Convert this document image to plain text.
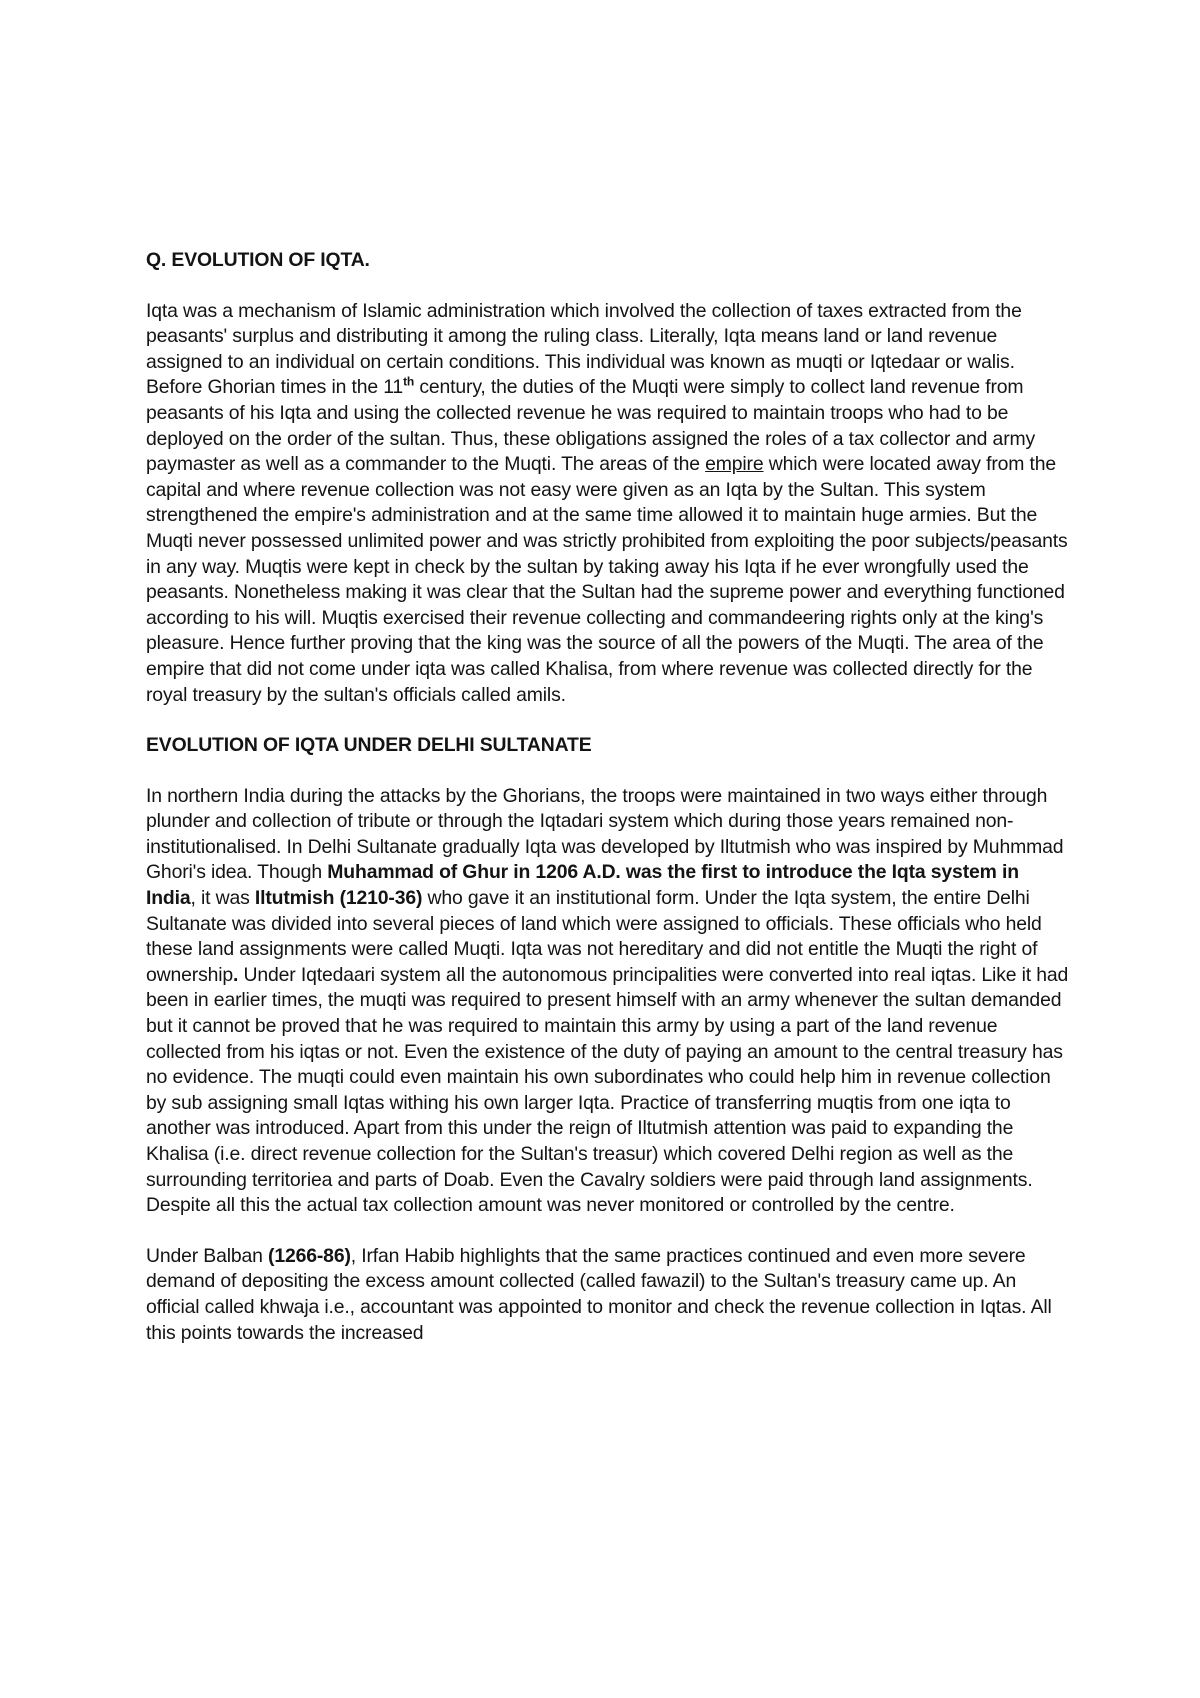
Q. EVOLUTION OF IQTA.

Iqta was a mechanism of Islamic administration which involved the collection of taxes extracted from the peasants' surplus and distributing it among the ruling class. Literally, Iqta means land or land revenue assigned to an individual on certain conditions. This individual was known as muqti or Iqtedaar or walis. Before Ghorian times in the 11th century, the duties of the Muqti were simply to collect land revenue from peasants of his Iqta and using the collected revenue he was required to maintain troops who had to be deployed on the order of the sultan. Thus, these obligations assigned the roles of a tax collector and army paymaster as well as a commander to the Muqti. The areas of the empire which were located away from the capital and where revenue collection was not easy were given as an Iqta by the Sultan. This system strengthened the empire's administration and at the same time allowed it to maintain huge armies. But the Muqti never possessed unlimited power and was strictly prohibited from exploiting the poor subjects/peasants in any way. Muqtis were kept in check by the sultan by taking away his Iqta if he ever wrongfully used the peasants. Nonetheless making it was clear that the Sultan had the supreme power and everything functioned according to his will. Muqtis exercised their revenue collecting and commandeering rights only at the king's pleasure. Hence further proving that the king was the source of all the powers of the Muqti. The area of the empire that did not come under iqta was called Khalisa, from where revenue was collected directly for the royal treasury by the sultan's officials called amils.

EVOLUTION OF IQTA UNDER DELHI SULTANATE

In northern India during the attacks by the Ghorians, the troops were maintained in two ways either through plunder and collection of tribute or through the Iqtadari system which during those years remained non-institutionalised. In Delhi Sultanate gradually Iqta was developed by Iltutmish who was inspired by Muhmmad Ghori's idea. Though Muhammad of Ghur in 1206 A.D. was the first to introduce the Iqta system in India, it was Iltutmish (1210-36) who gave it an institutional form. Under the Iqta system, the entire Delhi Sultanate was divided into several pieces of land which were assigned to officials. These officials who held these land assignments were called Muqti. Iqta was not hereditary and did not entitle the Muqti the right of ownership. Under Iqtedaari system all the autonomous principalities were converted into real iqtas. Like it had been in earlier times, the muqti was required to present himself with an army whenever the sultan demanded but it cannot be proved that he was required to maintain this army by using a part of the land revenue collected from his iqtas or not. Even the existence of the duty of paying an amount to the central treasury has no evidence. The muqti could even maintain his own subordinates who could help him in revenue collection by sub assigning small Iqtas withing his own larger Iqta. Practice of transferring muqtis from one iqta to another was introduced. Apart from this under the reign of Iltutmish attention was paid to expanding the Khalisa (i.e. direct revenue collection for the Sultan's treasur) which covered Delhi region as well as the surrounding territoriea and parts of Doab. Even the Cavalry soldiers were paid through land assignments. Despite all this the actual tax collection amount was never monitored or controlled by the centre.

Under Balban (1266-86), Irfan Habib highlights that the same practices continued and even more severe demand of depositing the excess amount collected (called fawazil) to the Sultan's treasury came up. An official called khwaja i.e., accountant was appointed to monitor and check the revenue collection in Iqtas. All this points towards the increased
